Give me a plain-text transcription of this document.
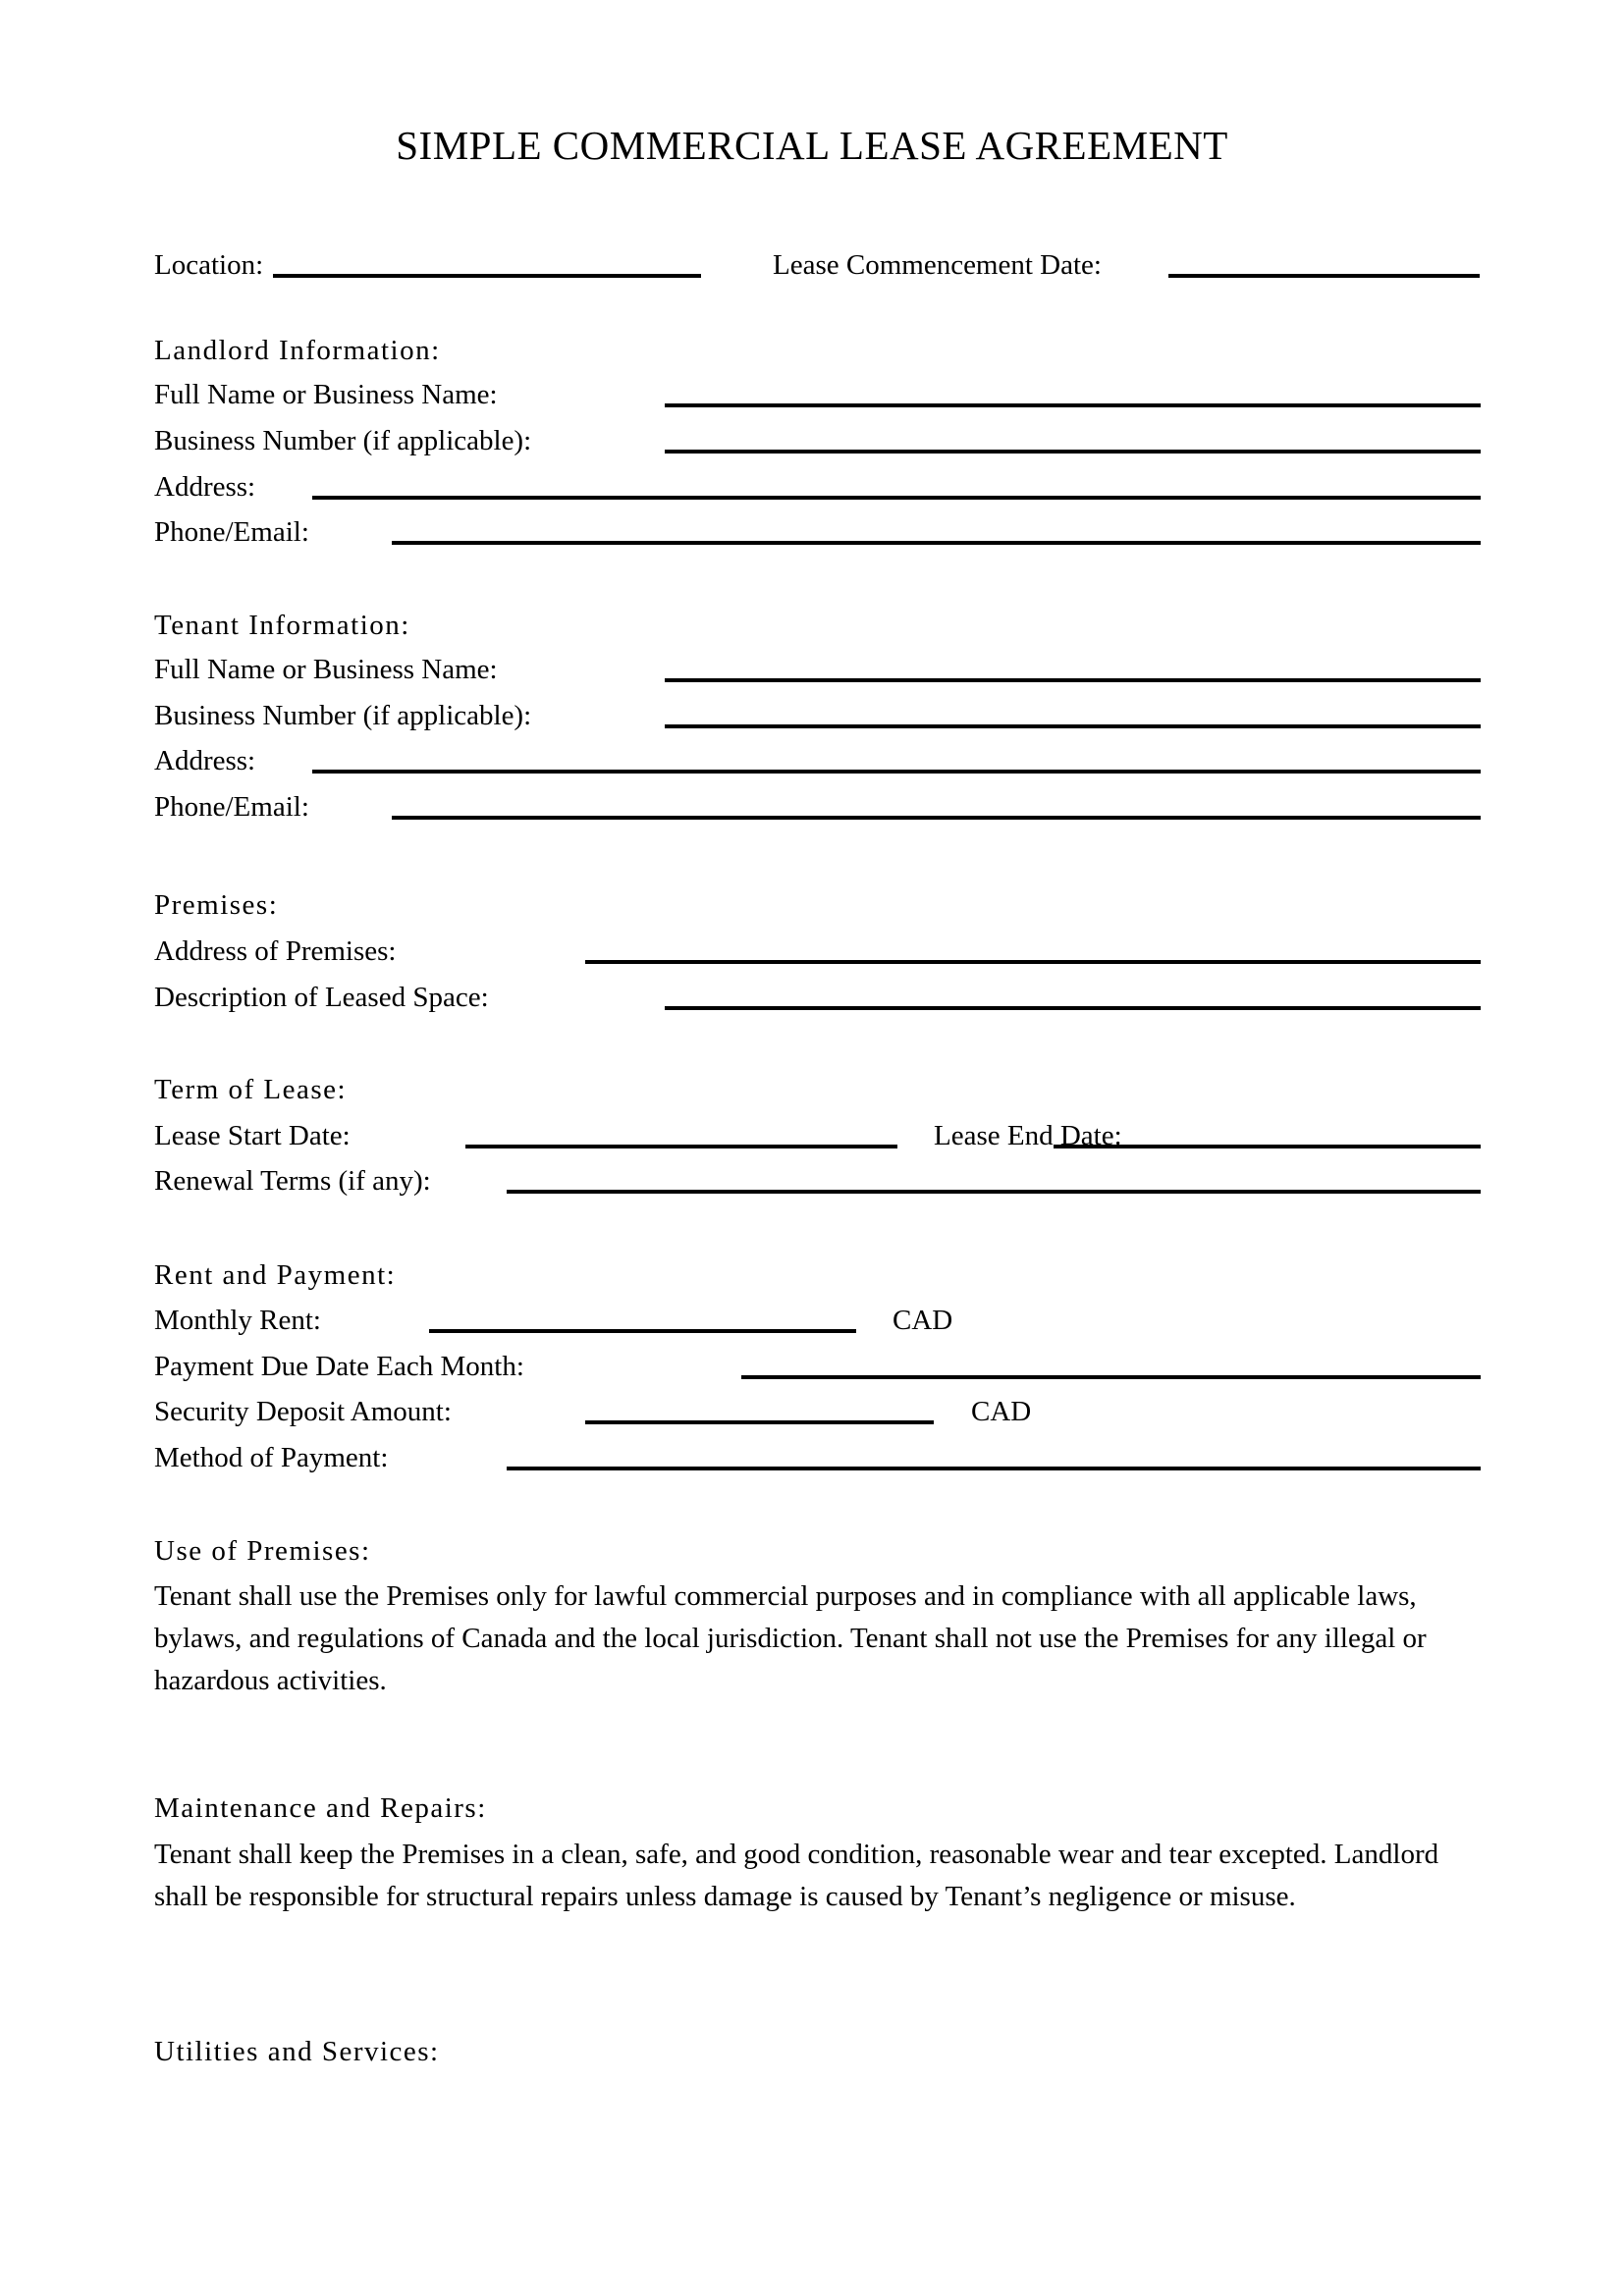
SIMPLE COMMERCIAL LEASE AGREEMENT
Location:	Lease Commencement Date:
Landlord Information:
Full Name or Business Name:
Business Number (if applicable):
Address:
Phone/Email:
Tenant Information:
Full Name or Business Name:
Business Number (if applicable):
Address:
Phone/Email:
Premises:
Address of Premises:
Description of Leased Space:
Term of Lease:
Lease Start Date:	Lease End Date:
Renewal Terms (if any):
Rent and Payment:
Monthly Rent:	CAD
Payment Due Date Each Month:
Security Deposit Amount:	CAD
Method of Payment:
Use of Premises:
Tenant shall use the Premises only for lawful commercial purposes and in compliance with all applicable laws, bylaws, and regulations of Canada and the local jurisdiction. Tenant shall not use the Premises for any illegal or hazardous activities.
Maintenance and Repairs:
Tenant shall keep the Premises in a clean, safe, and good condition, reasonable wear and tear excepted. Landlord shall be responsible for structural repairs unless damage is caused by Tenant’s negligence or misuse.
Utilities and Services:
